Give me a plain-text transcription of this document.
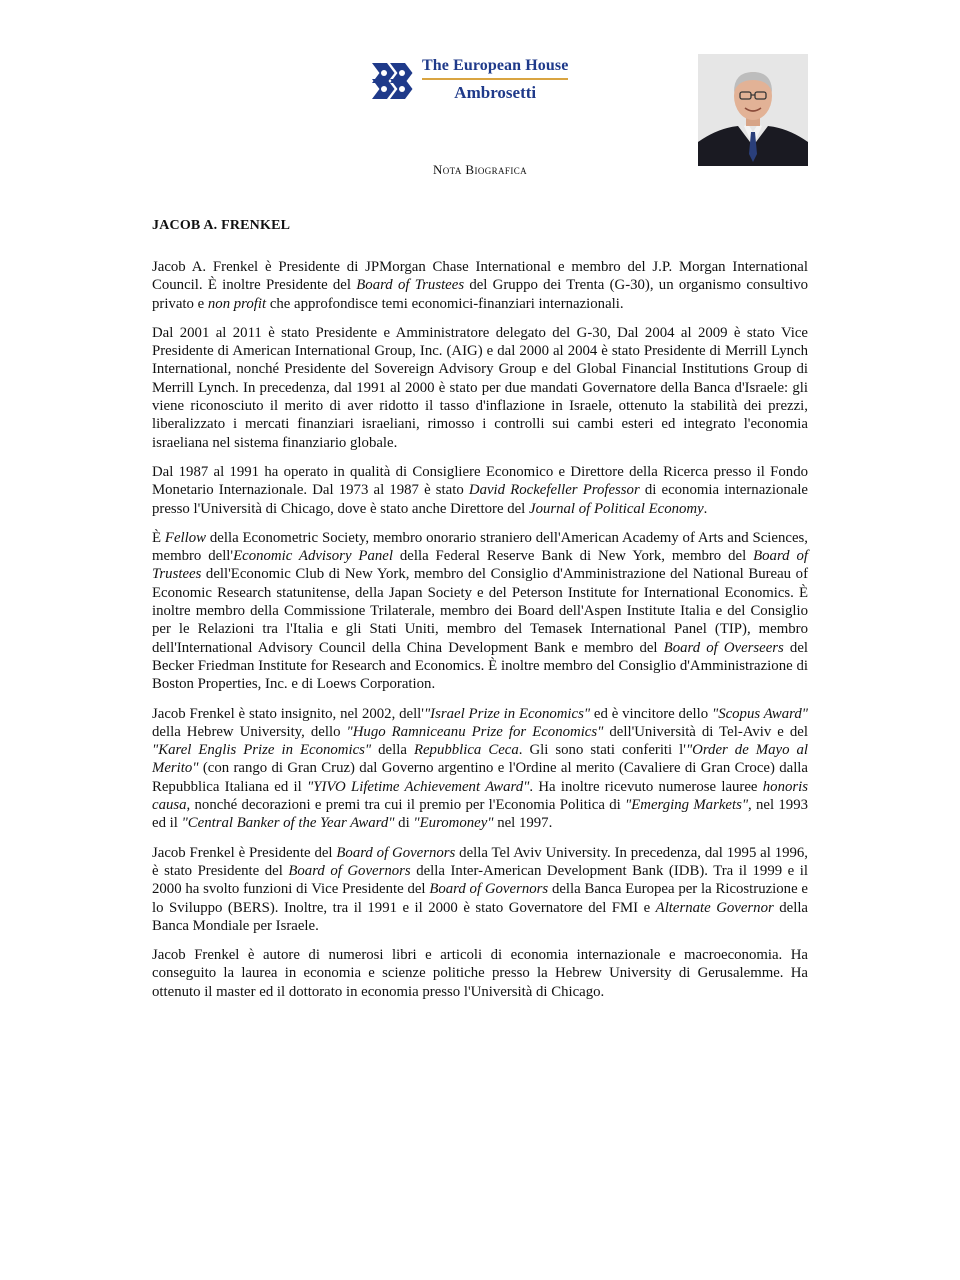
The European House
Ambrosetti
Nota Biografica
JACOB A. FRENKEL

Jacob A. Frenkel è Presidente di JPMorgan Chase International e membro del J.P. Morgan International Council. È inoltre Presidente del Board of Trustees del Gruppo dei Trenta (G-30), un organismo consultivo privato e non profit che approfondisce temi economici-finanziari internazionali.

Dal 2001 al 2011 è stato Presidente e Amministratore delegato del G-30, Dal 2004 al 2009 è stato Vice Presidente di American International Group, Inc. (AIG) e dal 2000 al 2004 è stato Presidente di Merrill Lynch International, nonché Presidente del Sovereign Advisory Group e del Global Financial Institutions Group di Merrill Lynch. In precedenza, dal 1991 al 2000 è stato per due mandati Governatore della Banca d'Israele: gli viene riconosciuto il merito di aver ridotto il tasso d'inflazione in Israele, ottenuto la stabilità dei prezzi, liberalizzato i mercati finanziari israeliani, rimosso i controlli sui cambi esteri ed integrato l'economia israeliana nel sistema finanziario globale.

Dal 1987 al 1991 ha operato in qualità di Consigliere Economico e Direttore della Ricerca presso il Fondo Monetario Internazionale. Dal 1973 al 1987 è stato David Rockefeller Professor di economia internazionale presso l'Università di Chicago, dove è stato anche Direttore del Journal of Political Economy.

È Fellow della Econometric Society, membro onorario straniero dell'American Academy of Arts and Sciences, membro dell'Economic Advisory Panel della Federal Reserve Bank di New York, membro del Board of Trustees dell'Economic Club di New York, membro del Consiglio d'Amministrazione del National Bureau of Economic Research statunitense, della Japan Society e del Peterson Institute for International Economics. È inoltre membro della Commissione Trilaterale, membro dei Board dell'Aspen Institute Italia e del Consiglio per le Relazioni tra l'Italia e gli Stati Uniti, membro del Temasek International Panel (TIP), membro dell'International Advisory Council della China Development Bank e membro del Board of Overseers del Becker Friedman Institute for Research and Economics. È inoltre membro del Consiglio d'Amministrazione di Boston Properties, Inc. e di Loews Corporation.

Jacob Frenkel è stato insignito, nel 2002, dell'"Israel Prize in Economics" ed è vincitore dello "Scopus Award" della Hebrew University, dello "Hugo Ramniceanu Prize for Economics" dell'Università di Tel-Aviv e del "Karel Englis Prize in Economics" della Repubblica Ceca. Gli sono stati conferiti l'"Order de Mayo al Merito" (con rango di Gran Cruz) dal Governo argentino e l'Ordine al merito (Cavaliere di Gran Croce) dalla Repubblica Italiana ed il "YIVO Lifetime Achievement Award". Ha inoltre ricevuto numerose lauree honoris causa, nonché decorazioni e premi tra cui il premio per l'Economia Politica di "Emerging Markets", nel 1993 ed il "Central Banker of the Year Award" di "Euromoney" nel 1997.

Jacob Frenkel è Presidente del Board of Governors della Tel Aviv University. In precedenza, dal 1995 al 1996, è stato Presidente del Board of Governors della Inter-American Development Bank (IDB). Tra il 1999 e il 2000 ha svolto funzioni di Vice Presidente del Board of Governors della Banca Europea per la Ricostruzione e lo Sviluppo (BERS). Inoltre, tra il 1991 e il 2000 è stato Governatore del FMI e Alternate Governor della Banca Mondiale per Israele.

Jacob Frenkel è autore di numerosi libri e articoli di economia internazionale e macroeconomia. Ha conseguito la laurea in economia e scienze politiche presso la Hebrew University di Gerusalemme. Ha ottenuto il master ed il dottorato in economia presso l'Università di Chicago.
